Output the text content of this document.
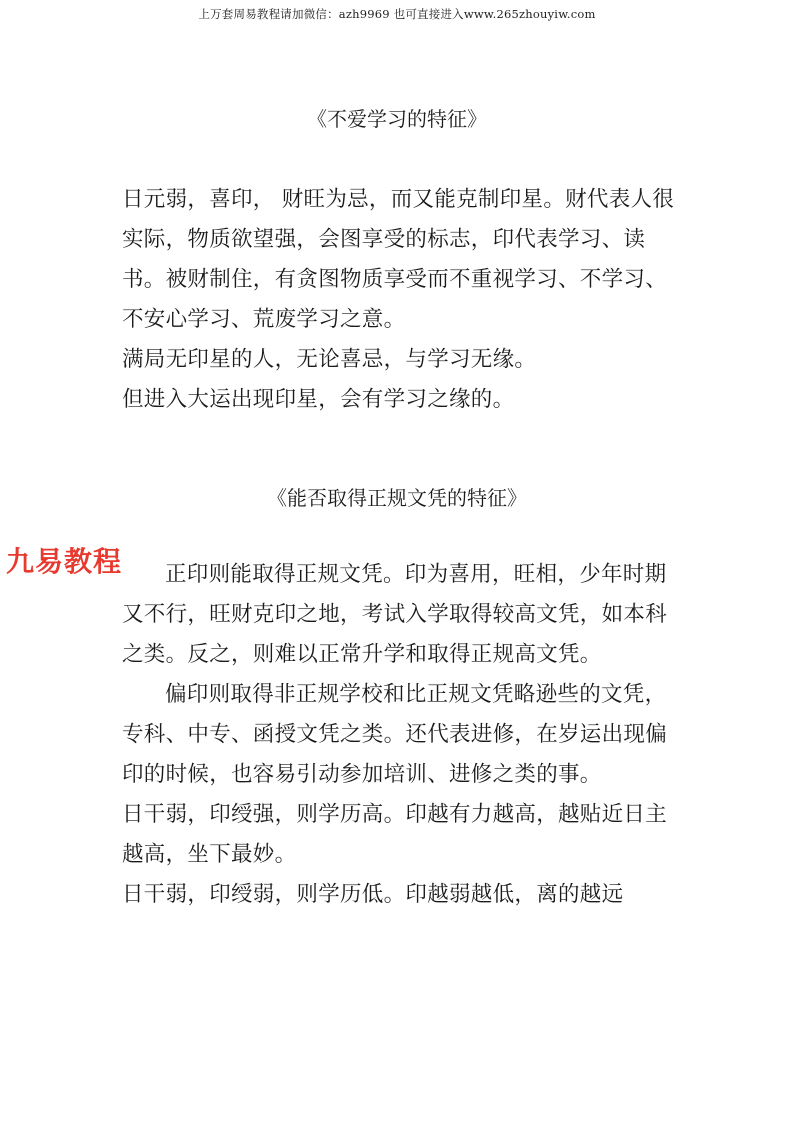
上万套周易教程请加微信：azh9969 也可直接进入www.265zhouyiw.com
《不爱学习的特征》

日元弱，喜印， 财旺为忌，而又能克制印星。财代表人很实际，物质欲望强，会图享受的标志，印代表学习、读书。被财制住，有贪图物质享受而不重视学习、不学习、不安心学习、荒废学习之意。

满局无印星的人，无论喜忌，与学习无缘。

但进入大运出现印星，会有学习之缘的。

《能否取得正规文凭的特征》

正印则能取得正规文凭。印为喜用，旺相，少年时期又不行，旺财克印之地，考试入学取得较高文凭，如本科之类。反之，则难以正常升学和取得正规高文凭。

偏印则取得非正规学校和比正规文凭略逊些的文凭，专科、中专、函授文凭之类。还代表进修，在岁运出现偏印的时候，也容易引动参加培训、进修之类的事。

日干弱，印绶强，则学历高。印越有力越高，越贴近日主越高，坐下最妙。

日干弱，印绶弱，则学历低。印越弱越低，离的越远

九易教程
